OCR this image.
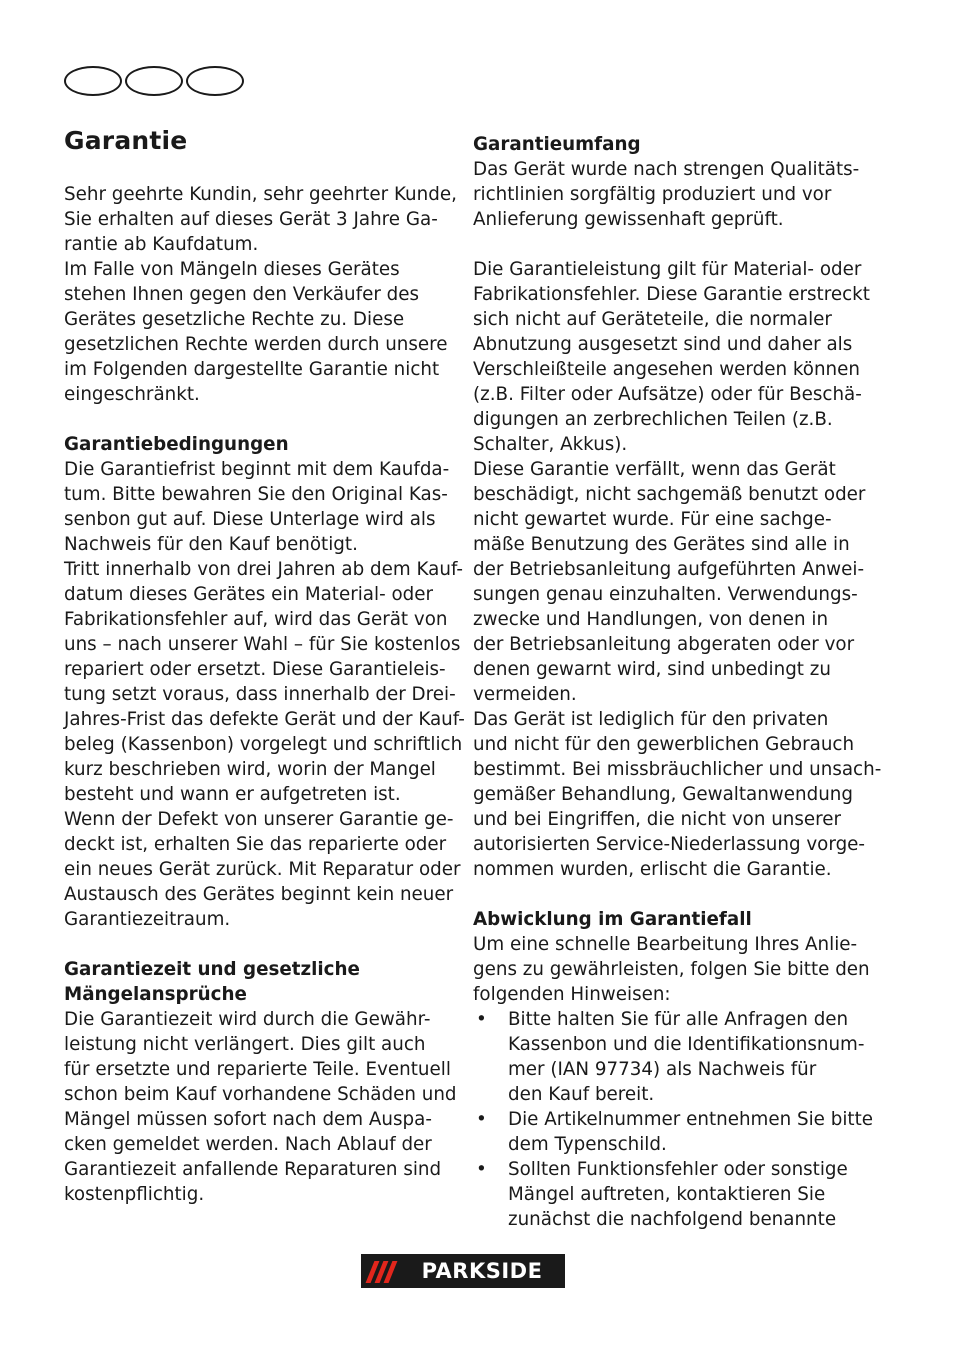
Garantie
Sehr geehrte Kundin, sehr geehrter Kunde,
Sie erhalten auf dieses Gerät 3 Jahre Ga-
rantie ab Kaufdatum.
Im Falle von Mängeln dieses Gerätes
stehen Ihnen gegen den Verkäufer des
Gerätes gesetzliche Rechte zu. Diese
gesetzlichen Rechte werden durch unsere
im Folgenden dargestellte Garantie nicht
eingeschränkt.
Garantiebedingungen
Die Garantiefrist beginnt mit dem Kaufda-
tum. Bitte bewahren Sie den Original Kas-
senbon gut auf. Diese Unterlage wird als
Nachweis für den Kauf benötigt.
Tritt innerhalb von drei Jahren ab dem Kauf-
datum dieses Gerätes ein Material- oder
Fabrikationsfehler auf, wird das Gerät von
uns – nach unserer Wahl – für Sie kostenlos
repariert oder ersetzt. Diese Garantieleis-
tung setzt voraus, dass innerhalb der Drei-
Jahres-Frist das defekte Gerät und der Kauf-
beleg (Kassenbon) vorgelegt und schriftlich
kurz beschrieben wird, worin der Mangel
besteht und wann er aufgetreten ist.
Wenn der Defekt von unserer Garantie ge-
deckt ist, erhalten Sie das reparierte oder
ein neues Gerät zurück. Mit Reparatur oder
Austausch des Gerätes beginnt kein neuer
Garantiezeitraum.
Garantiezeit und gesetzliche
Mängelansprüche
Die Garantiezeit wird durch die Gewähr-
leistung nicht verlängert. Dies gilt auch
für ersetzte und reparierte Teile. Eventuell
schon beim Kauf vorhandene Schäden und
Mängel müssen sofort nach dem Auspa-
cken gemeldet werden. Nach Ablauf der
Garantiezeit anfallende Reparaturen sind
kostenpflichtig.
Garantieumfang
Das Gerät wurde nach strengen Qualitäts-
richtlinien sorgfältig produziert und vor
Anlieferung gewissenhaft geprüft.
Die Garantieleistung gilt für Material- oder
Fabrikationsfehler. Diese Garantie erstreckt
sich nicht auf Geräteteile, die normaler
Abnutzung ausgesetzt sind und daher als
Verschleißteile angesehen werden können
(z.B. Filter oder Aufsätze) oder für Beschä-
digungen an zerbrechlichen Teilen (z.B.
Schalter, Akkus).
Diese Garantie verfällt, wenn das Gerät
beschädigt, nicht sachgemäß benutzt oder
nicht gewartet wurde. Für eine sachge-
mäße Benutzung des Gerätes sind alle in
der Betriebsanleitung aufgeführten Anwei-
sungen genau einzuhalten. Verwendungs-
zwecke und Handlungen, von denen in
der Betriebsanleitung abgeraten oder vor
denen gewarnt wird, sind unbedingt zu
vermeiden.
Das Gerät ist lediglich für den privaten
und nicht für den gewerblichen Gebrauch
bestimmt. Bei missbräuchlicher und unsach-
gemäßer Behandlung, Gewaltanwendung
und bei Eingriffen, die nicht von unserer
autorisierten Service-Niederlassung vorge-
nommen wurden, erlischt die Garantie.
Abwicklung im Garantiefall
Um eine schnelle Bearbeitung Ihres Anlie-
gens zu gewährleisten, folgen Sie bitte den
folgenden Hinweisen:
•	Bitte halten Sie für alle Anfragen den
Kassenbon und die Identifikationsnum-
mer (IAN 97734) als Nachweis für
den Kauf bereit.
•	Die Artikelnummer entnehmen Sie bitte
dem Typenschild.
•	Sollten Funktionsfehler oder sonstige
Mängel auftreten, kontaktieren Sie
zunächst die nachfolgend benannte
PARKSIDE
